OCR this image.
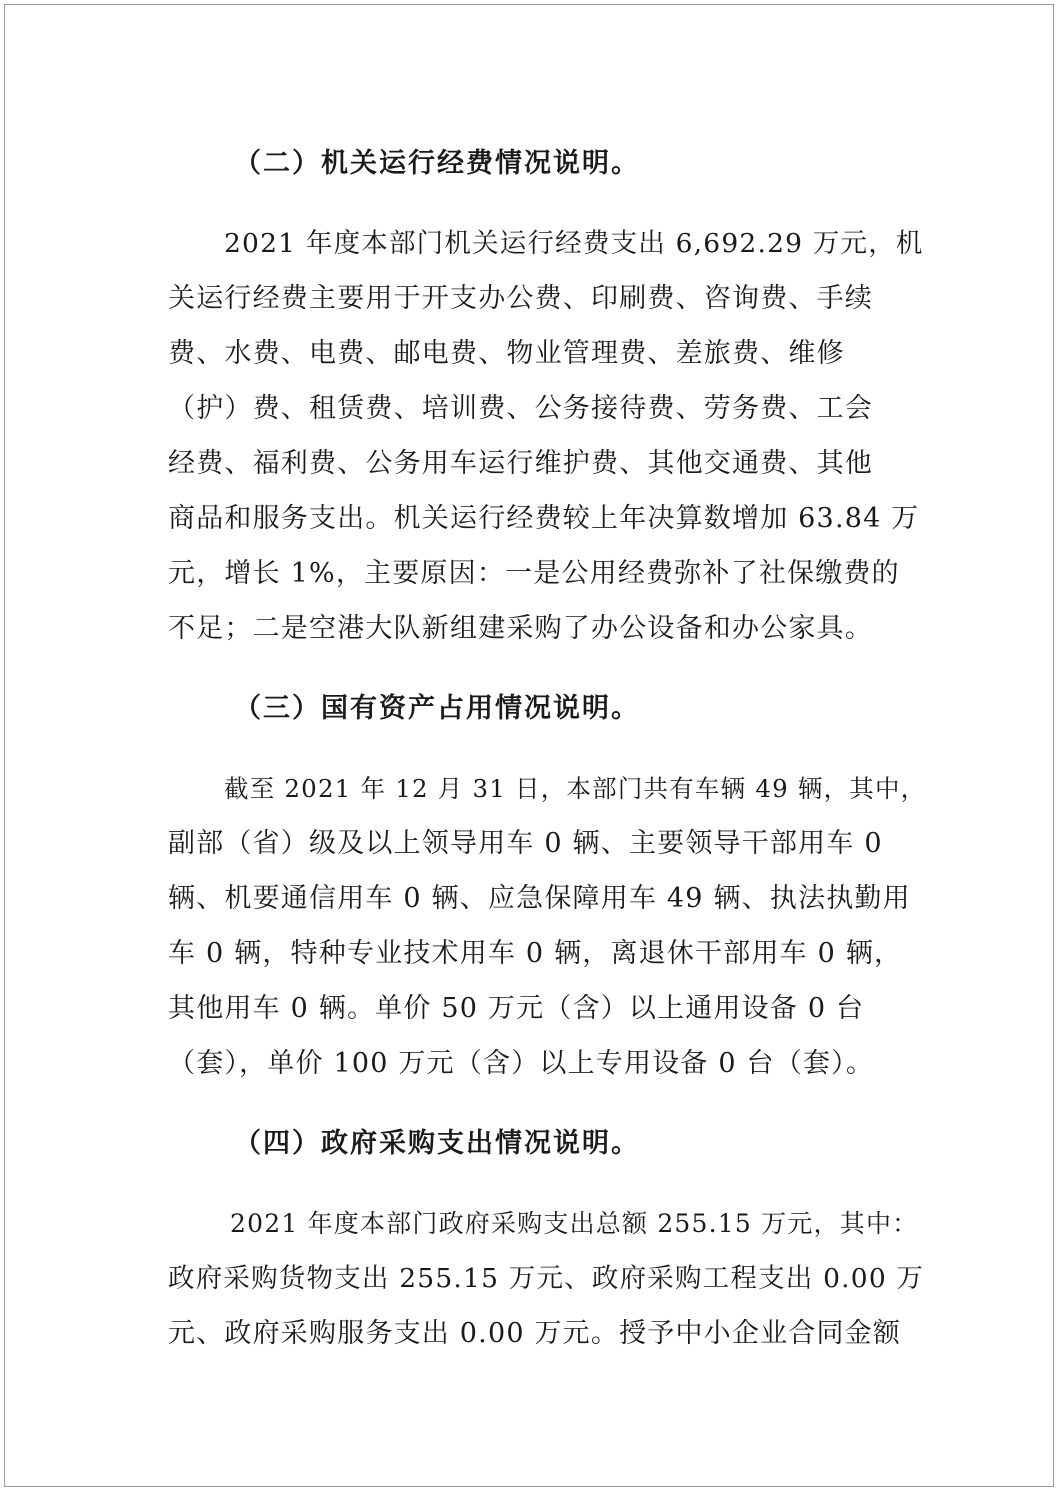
（二）机关运行经费情况说明。
2021 年度本部门机关运行经费支出 6,692.29 万元，机
关运行经费主要用于开支办公费、印刷费、咨询费、手续
费、水费、电费、邮电费、物业管理费、差旅费、维修
（护）费、租赁费、培训费、公务接待费、劳务费、工会
经费、福利费、公务用车运行维护费、其他交通费、其他
商品和服务支出。机关运行经费较上年决算数增加 63.84 万
元，增长 1%，主要原因：一是公用经费弥补了社保缴费的
不足；二是空港大队新组建采购了办公设备和办公家具。
（三）国有资产占用情况说明。
截至 2021 年 12 月 31 日，本部门共有车辆 49 辆，其中，
副部（省）级及以上领导用车 0 辆、主要领导干部用车 0
辆、机要通信用车 0 辆、应急保障用车 49 辆、执法执勤用
车 0 辆，特种专业技术用车 0 辆，离退休干部用车 0 辆，
其他用车 0 辆。单价 50 万元（含）以上通用设备 0 台
（套），单价 100 万元（含）以上专用设备 0 台（套）。
（四）政府采购支出情况说明。
2021 年度本部门政府采购支出总额 255.15 万元，其中：
政府采购货物支出 255.15 万元、政府采购工程支出 0.00 万
元、政府采购服务支出 0.00 万元。授予中小企业合同金额
